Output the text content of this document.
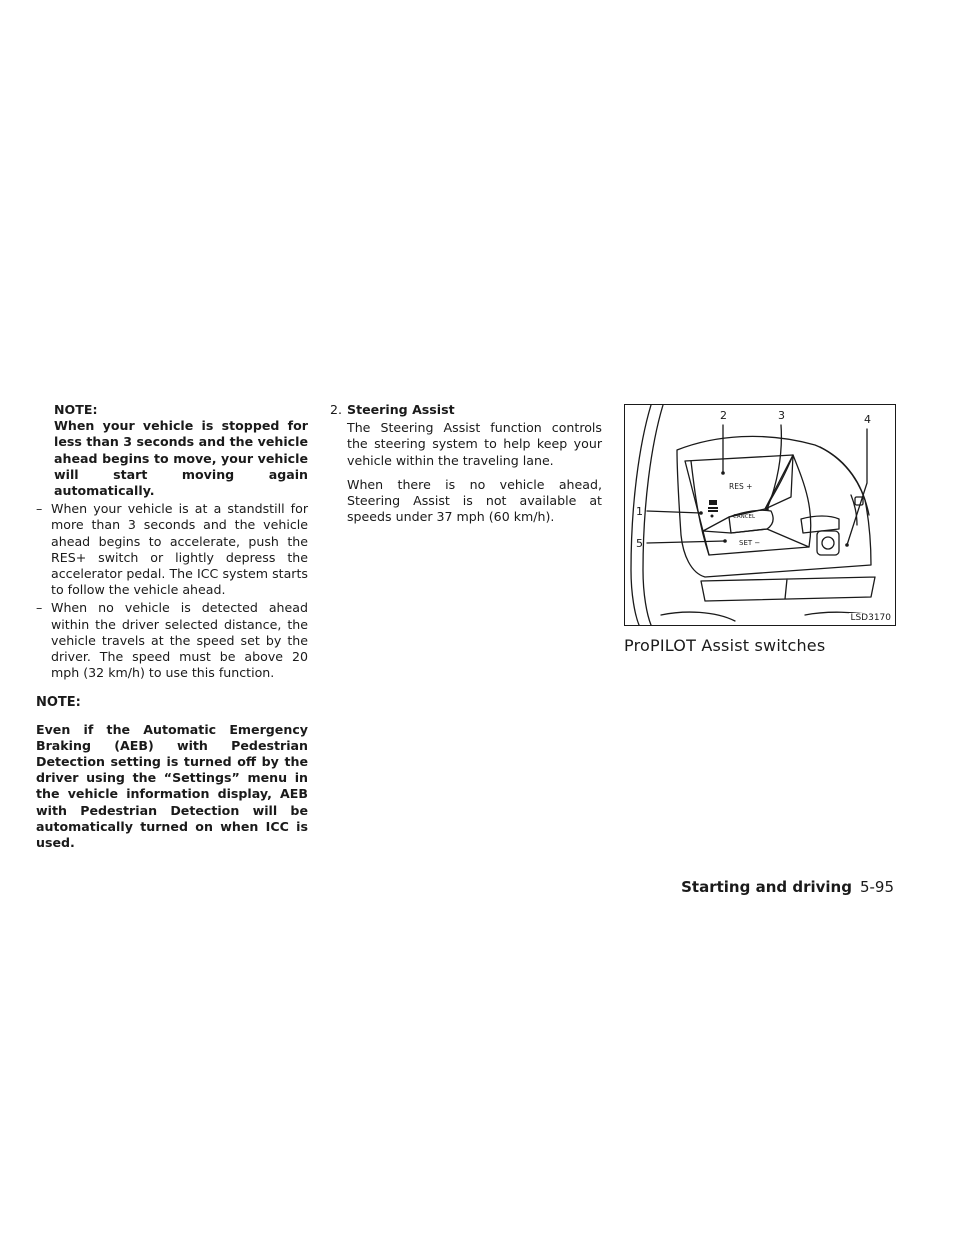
NOTE:

When your vehicle is stopped for less than 3 seconds and the vehicle ahead begins to move, your vehicle will start moving again automatically.

– When your vehicle is at a standstill for more than 3 seconds and the vehicle ahead begins to accelerate, push the RES+ switch or lightly depress the accelerator pedal. The ICC system starts to follow the vehicle ahead.
– When no vehicle is detected ahead within the driver selected distance, the vehicle travels at the speed set by the driver. The speed must be above 20 mph (32 km/h) to use this function.

NOTE:

Even if the Automatic Emergency Braking (AEB) with Pedestrian Detection setting is turned off by the driver using the “Settings” menu in the vehicle information display, AEB with Pedestrian Detection will be automatically turned on when ICC is used.

2. Steering Assist

The Steering Assist function controls the steering system to help keep your vehicle within the traveling lane.

When there is no vehicle ahead, Steering Assist is not available at speeds under 37 mph (60 km/h).

2	3	4
1
5
RES +
CANCEL
SET −
LSD3170
ProPILOT Assist switches
Starting and driving 5-95
